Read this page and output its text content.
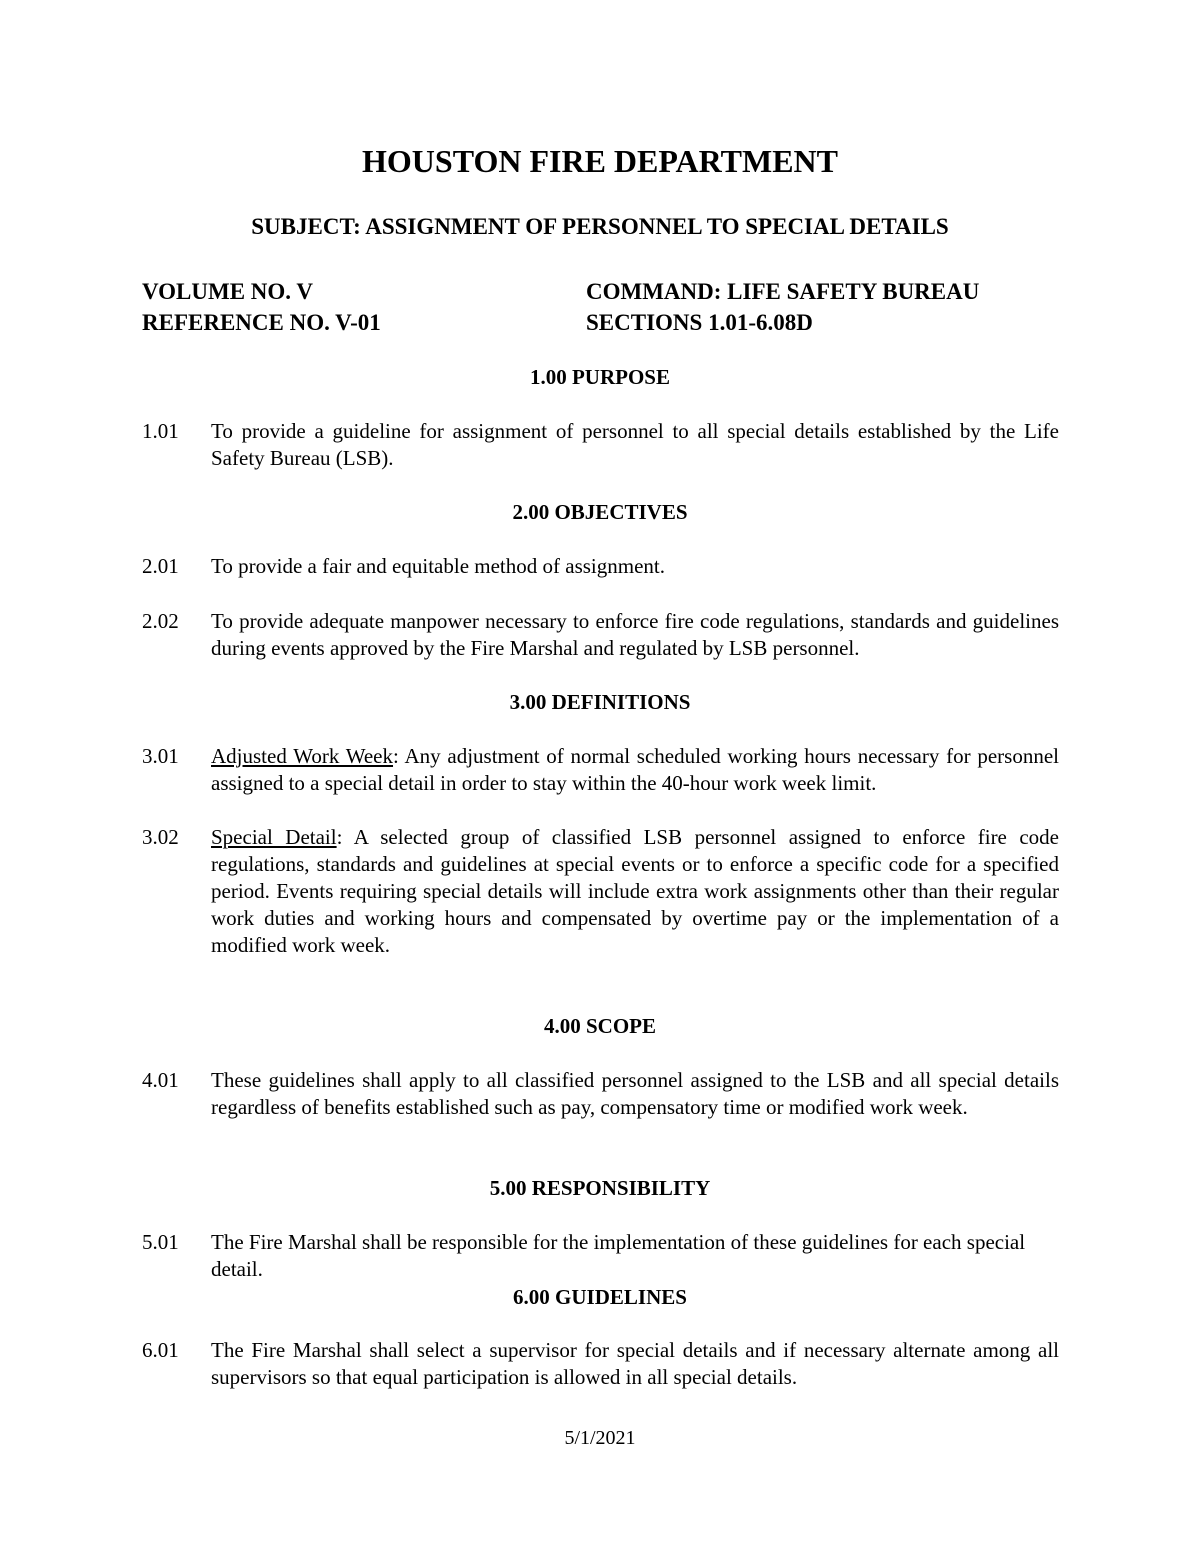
HOUSTON FIRE DEPARTMENT
SUBJECT: ASSIGNMENT OF PERSONNEL TO SPECIAL DETAILS
VOLUME NO. V
REFERENCE NO. V-01
COMMAND: LIFE SAFETY BUREAU
SECTIONS 1.01-6.08D
1.00 PURPOSE
1.01 To provide a guideline for assignment of personnel to all special details established by the Life Safety Bureau (LSB).

2.00 OBJECTIVES
2.01 To provide a fair and equitable method of assignment.

2.02 To provide adequate manpower necessary to enforce fire code regulations, standards and guidelines during events approved by the Fire Marshal and regulated by LSB personnel.

3.00 DEFINITIONS
3.01 Adjusted Work Week: Any adjustment of normal scheduled working hours necessary for personnel assigned to a special detail in order to stay within the 40-hour work week limit.

3.02 Special Detail: A selected group of classified LSB personnel assigned to enforce fire code regulations, standards and guidelines at special events or to enforce a specific code for a specified period. Events requiring special details will include extra work assignments other than their regular work duties and working hours and compensated by overtime pay or the implementation of a modified work week.

4.00 SCOPE
4.01 These guidelines shall apply to all classified personnel assigned to the LSB and all special details regardless of benefits established such as pay, compensatory time or modified work week.

5.00 RESPONSIBILITY
5.01 The Fire Marshal shall be responsible for the implementation of these guidelines for each special detail.

6.00 GUIDELINES
6.01 The Fire Marshal shall select a supervisor for special details and if necessary alternate among all supervisors so that equal participation is allowed in all special details.

5/1/2021
